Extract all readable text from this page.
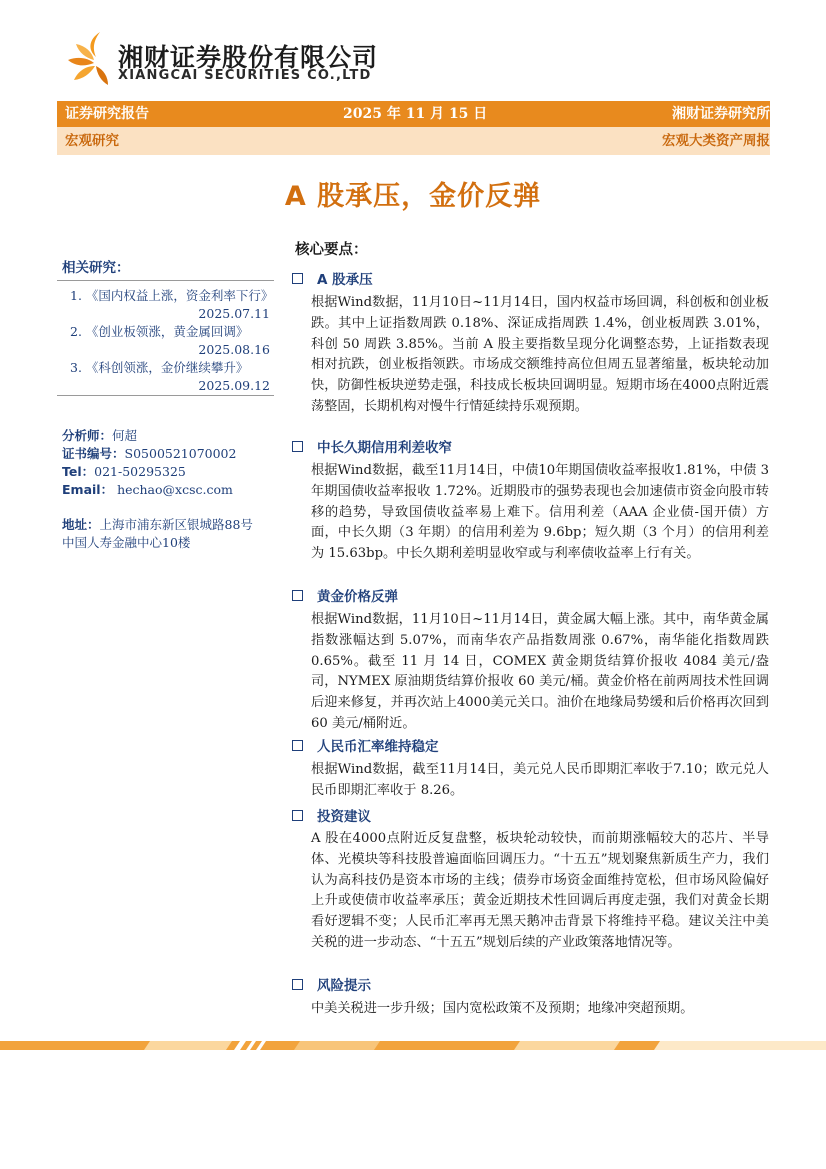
湘财证券股份有限公司
XIANGCAI SECURITIES CO.,LTD
证券研究报告	2025 年 11 月 15 日	湘财证券研究所
宏观研究	宏观大类资产周报
A 股承压，金价反弹
相关研究：
1. 《国内权益上涨，资金利率下行》
2025.07.11
2. 《创业板领涨，黄金属回调》
2025.08.16
3. 《科创领涨，金价继续攀升》
2025.09.12
分析师：何超
证书编号：S0500521070002
Tel：021-50295325
Email： hechao@xcsc.com
地址：上海市浦东新区银城路88号
中国人寿金融中心10楼
核心要点：
A 股承压
根据Wind数据，11月10日~11月14日，国内权益市场回调，科创板和创业板跌。其中上证指数周跌 0.18%、深证成指周跌 1.4%，创业板周跌 3.01%，科创 50 周跌 3.85%。当前 A 股主要指数呈现分化调整态势，上证指数表现相对抗跌，创业板指领跌。市场成交额维持高位但周五显著缩量，板块轮动加快，防御性板块逆势走强，科技成长板块回调明显。短期市场在4000点附近震荡整固，长期机构对慢牛行情延续持乐观预期。
中长久期信用利差收窄
根据Wind数据，截至11月14日，中债10年期国债收益率报收1.81%，中债 3 年期国债收益率报收 1.72%。近期股市的强势表现也会加速债市资金向股市转移的趋势，导致国债收益率易上难下。信用利差（AAA 企业债-国开债）方面，中长久期（3 年期）的信用利差为 9.6bp；短久期（3 个月）的信用利差为 15.63bp。中长久期利差明显收窄或与利率债收益率上行有关。
黄金价格反弹
根据Wind数据，11月10日~11月14日，黄金属大幅上涨。其中，南华黄金属指数涨幅达到 5.07%，而南华农产品指数周涨 0.67%，南华能化指数周跌 0.65%。截至 11 月 14 日，COMEX 黄金期货结算价报收 4084 美元/盎司，NYMEX 原油期货结算价报收 60 美元/桶。黄金价格在前两周技术性回调后迎来修复，并再次站上4000美元关口。油价在地缘局势缓和后价格再次回到 60 美元/桶附近。
人民币汇率维持稳定
根据Wind数据，截至11月14日，美元兑人民币即期汇率收于7.10；欧元兑人民币即期汇率收于 8.26。
投资建议
A 股在4000点附近反复盘整，板块轮动较快，而前期涨幅较大的芯片、半导体、光模块等科技股普遍面临回调压力。“十五五”规划聚焦新质生产力，我们认为高科技仍是资本市场的主线；债券市场资金面维持宽松，但市场风险偏好上升或使债市收益率承压；黄金近期技术性回调后再度走强，我们对黄金长期看好逻辑不变；人民币汇率再无黑天鹅冲击背景下将维持平稳。建议关注中美关税的进一步动态、“十五五”规划后续的产业政策落地情况等。
风险提示
中美关税进一步升级；国内宽松政策不及预期；地缘冲突超预期。
